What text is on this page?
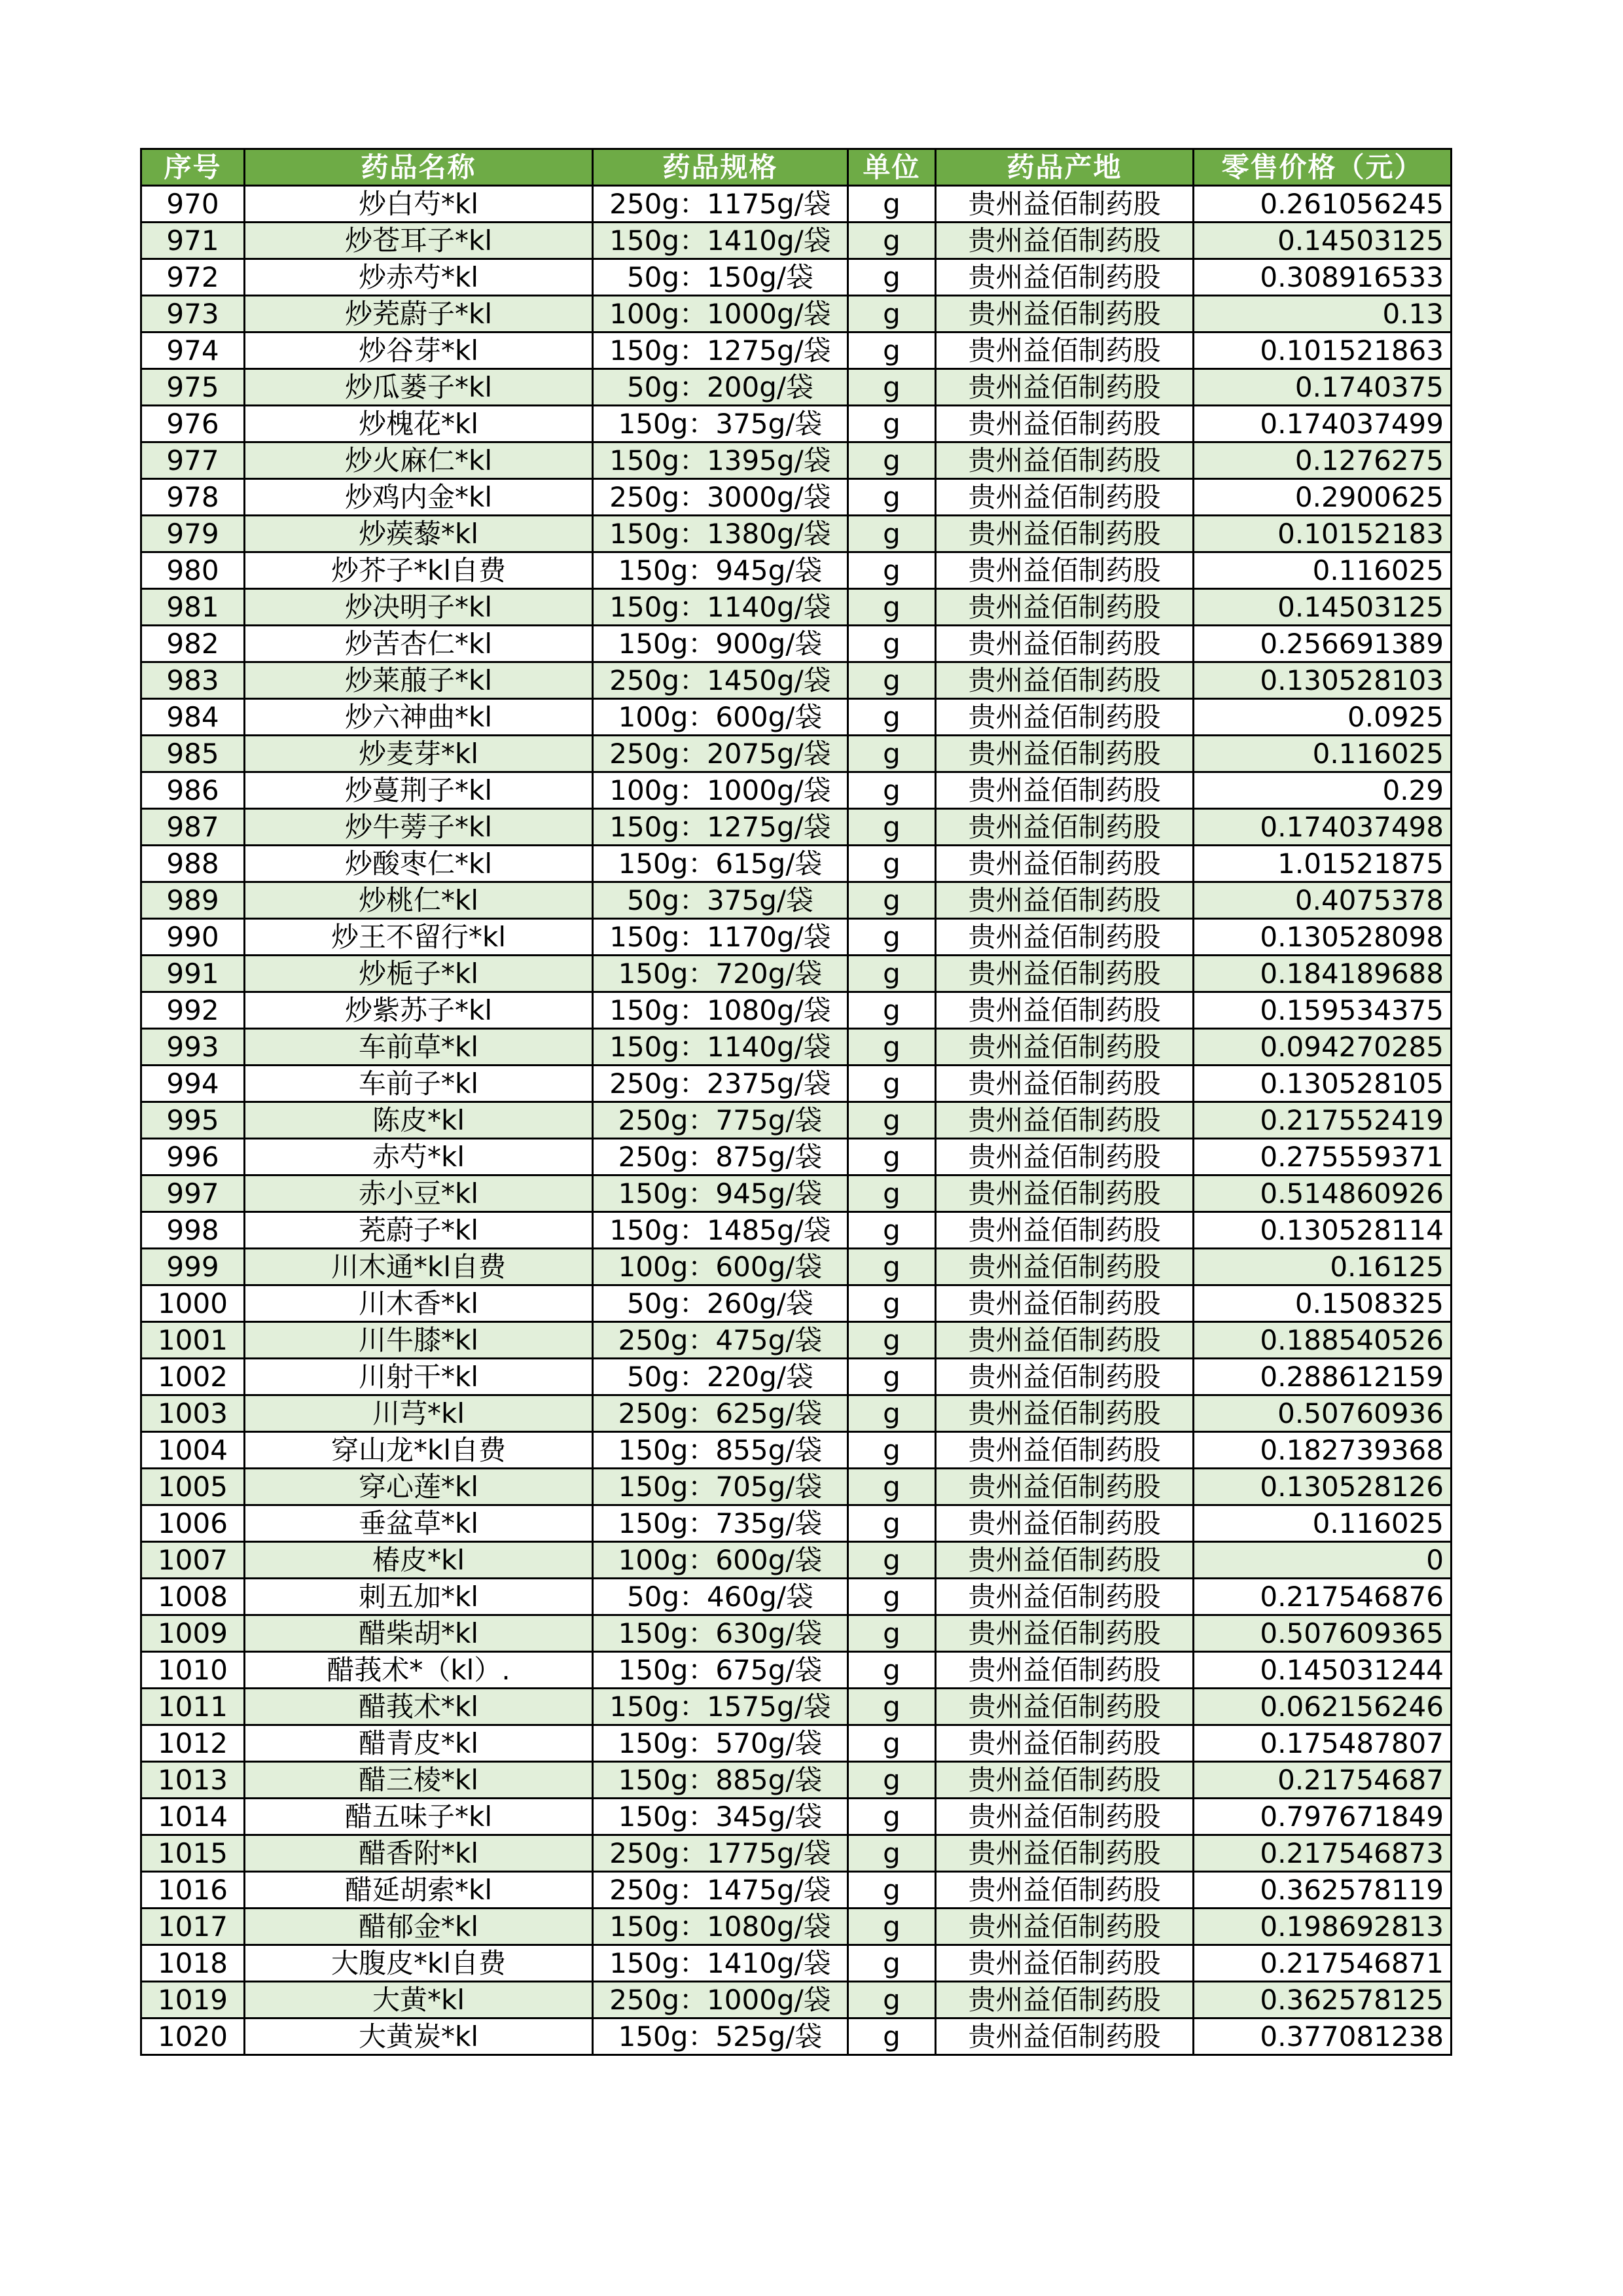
序号	药品名称	药品规格	单位	药品产地	零售价格（元）
970	炒白芍*kl	250g：1175g/袋	g	贵州益佰制药股	0.261056245
971	炒苍耳子*kl	150g：1410g/袋	g	贵州益佰制药股	0.14503125
972	炒赤芍*kl	50g：150g/袋	g	贵州益佰制药股	0.308916533
973	炒茺蔚子*kl	100g：1000g/袋	g	贵州益佰制药股	0.13
974	炒谷芽*kl	150g：1275g/袋	g	贵州益佰制药股	0.101521863
975	炒瓜蒌子*kl	50g：200g/袋	g	贵州益佰制药股	0.1740375
976	炒槐花*kl	150g：375g/袋	g	贵州益佰制药股	0.174037499
977	炒火麻仁*kl	150g：1395g/袋	g	贵州益佰制药股	0.1276275
978	炒鸡内金*kl	250g：3000g/袋	g	贵州益佰制药股	0.2900625
979	炒蒺藜*kl	150g：1380g/袋	g	贵州益佰制药股	0.10152183
980	炒芥子*kl自费	150g：945g/袋	g	贵州益佰制药股	0.116025
981	炒决明子*kl	150g：1140g/袋	g	贵州益佰制药股	0.14503125
982	炒苦杏仁*kl	150g：900g/袋	g	贵州益佰制药股	0.256691389
983	炒莱菔子*kl	250g：1450g/袋	g	贵州益佰制药股	0.130528103
984	炒六神曲*kl	100g：600g/袋	g	贵州益佰制药股	0.0925
985	炒麦芽*kl	250g：2075g/袋	g	贵州益佰制药股	0.116025
986	炒蔓荆子*kl	100g：1000g/袋	g	贵州益佰制药股	0.29
987	炒牛蒡子*kl	150g：1275g/袋	g	贵州益佰制药股	0.174037498
988	炒酸枣仁*kl	150g：615g/袋	g	贵州益佰制药股	1.01521875
989	炒桃仁*kl	50g：375g/袋	g	贵州益佰制药股	0.4075378
990	炒王不留行*kl	150g：1170g/袋	g	贵州益佰制药股	0.130528098
991	炒栀子*kl	150g：720g/袋	g	贵州益佰制药股	0.184189688
992	炒紫苏子*kl	150g：1080g/袋	g	贵州益佰制药股	0.159534375
993	车前草*kl	150g：1140g/袋	g	贵州益佰制药股	0.094270285
994	车前子*kl	250g：2375g/袋	g	贵州益佰制药股	0.130528105
995	陈皮*kl	250g：775g/袋	g	贵州益佰制药股	0.217552419
996	赤芍*kl	250g：875g/袋	g	贵州益佰制药股	0.275559371
997	赤小豆*kl	150g：945g/袋	g	贵州益佰制药股	0.514860926
998	茺蔚子*kl	150g：1485g/袋	g	贵州益佰制药股	0.130528114
999	川木通*kl自费	100g：600g/袋	g	贵州益佰制药股	0.16125
1000	川木香*kl	50g：260g/袋	g	贵州益佰制药股	0.1508325
1001	川牛膝*kl	250g：475g/袋	g	贵州益佰制药股	0.188540526
1002	川射干*kl	50g：220g/袋	g	贵州益佰制药股	0.288612159
1003	川芎*kl	250g：625g/袋	g	贵州益佰制药股	0.50760936
1004	穿山龙*kl自费	150g：855g/袋	g	贵州益佰制药股	0.182739368
1005	穿心莲*kl	150g：705g/袋	g	贵州益佰制药股	0.130528126
1006	垂盆草*kl	150g：735g/袋	g	贵州益佰制药股	0.116025
1007	椿皮*kl	100g：600g/袋	g	贵州益佰制药股	0
1008	刺五加*kl	50g：460g/袋	g	贵州益佰制药股	0.217546876
1009	醋柴胡*kl	150g：630g/袋	g	贵州益佰制药股	0.507609365
1010	醋莪术*（kl）.	150g：675g/袋	g	贵州益佰制药股	0.145031244
1011	醋莪术*kl	150g：1575g/袋	g	贵州益佰制药股	0.062156246
1012	醋青皮*kl	150g：570g/袋	g	贵州益佰制药股	0.175487807
1013	醋三棱*kl	150g：885g/袋	g	贵州益佰制药股	0.21754687
1014	醋五味子*kl	150g：345g/袋	g	贵州益佰制药股	0.797671849
1015	醋香附*kl	250g：1775g/袋	g	贵州益佰制药股	0.217546873
1016	醋延胡索*kl	250g：1475g/袋	g	贵州益佰制药股	0.362578119
1017	醋郁金*kl	150g：1080g/袋	g	贵州益佰制药股	0.198692813
1018	大腹皮*kl自费	150g：1410g/袋	g	贵州益佰制药股	0.217546871
1019	大黄*kl	250g：1000g/袋	g	贵州益佰制药股	0.362578125
1020	大黄炭*kl	150g：525g/袋	g	贵州益佰制药股	0.377081238
